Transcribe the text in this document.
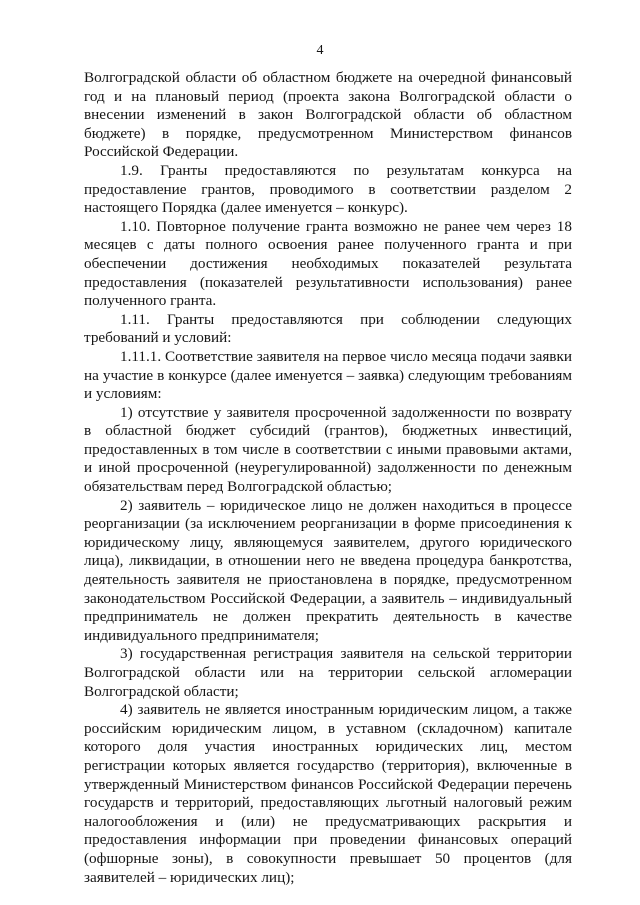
4

Волгоградской области об областном бюджете на очередной финансовый год и на плановый период (проекта закона Волгоградской области о внесении изменений в закон Волгоградской области об областном бюджете) в порядке, предусмотренном Министерством финансов Российской Федерации.

1.9. Гранты предоставляются по результатам конкурса на предоставление грантов, проводимого в соответствии разделом 2 настоящего Порядка (далее именуется – конкурс).

1.10. Повторное получение гранта возможно не ранее чем через 18 месяцев с даты полного освоения ранее полученного гранта и при обеспечении достижения необходимых показателей результата предоставления (показателей результативности использования) ранее полученного гранта.

1.11. Гранты предоставляются при соблюдении следующих требований и условий:

1.11.1. Соответствие заявителя на первое число месяца подачи заявки на участие в конкурсе (далее именуется – заявка) следующим требованиям и условиям:

1) отсутствие у заявителя просроченной задолженности по возврату в областной бюджет субсидий (грантов), бюджетных инвестиций, предоставленных в том числе в соответствии с иными правовыми актами, и иной просроченной (неурегулированной) задолженности по денежным обязательствам перед Волгоградской областью;

2) заявитель – юридическое лицо не должен находиться в процессе реорганизации (за исключением реорганизации в форме присоединения к юридическому лицу, являющемуся заявителем, другого юридического лица), ликвидации, в отношении него не введена процедура банкротства, деятельность заявителя не приостановлена в порядке, предусмотренном законодательством Российской Федерации, а заявитель – индивидуальный предприниматель не должен прекратить деятельность в качестве индивидуального предпринимателя;

3) государственная регистрация заявителя на сельской территории Волгоградской области или на территории сельской агломерации Волгоградской области;

4) заявитель не является иностранным юридическим лицом, а также российским юридическим лицом, в уставном (складочном) капитале которого доля участия иностранных юридических лиц, местом регистрации которых является государство (территория), включенные в утвержденный Министерством финансов Российской Федерации перечень государств и территорий, предоставляющих льготный налоговый режим налогообложения и (или) не предусматривающих раскрытия и предоставления информации при проведении финансовых операций (офшорные зоны), в совокупности превышает 50 процентов (для заявителей – юридических лиц);
